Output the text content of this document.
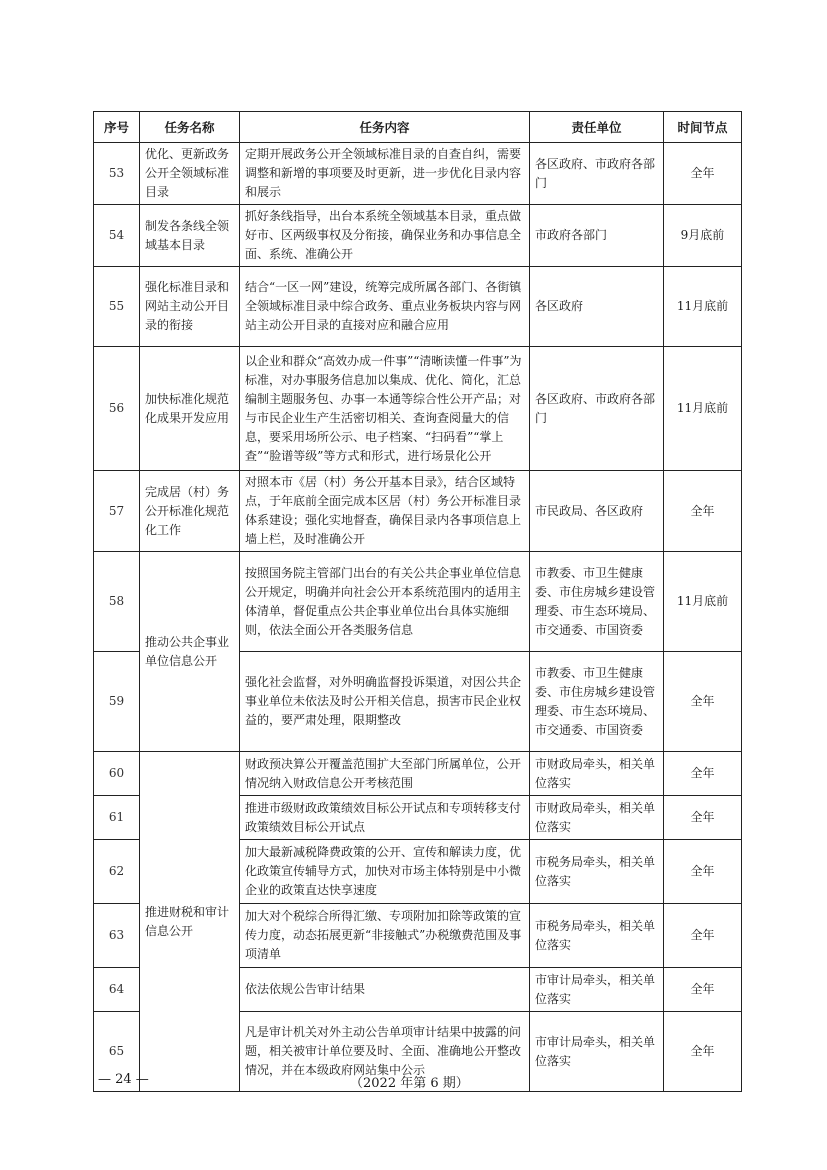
序号	任务名称	任务内容	责任单位	时间节点
53	优化、更新政务公开全领域标准目录	定期开展政务公开全领域标准目录的自查自纠，需要调整和新增的事项要及时更新，进一步优化目录内容和展示	各区政府、市政府各部门	全年
54	制发各条线全领域基本目录	抓好条线指导，出台本系统全领域基本目录，重点做好市、区两级事权及分衔接，确保业务和办事信息全面、系统、准确公开	市政府各部门	9月底前
55	强化标准目录和网站主动公开目录的衔接	结合“一区一网”建设，统筹完成所属各部门、各街镇全领域标准目录中综合政务、重点业务板块内容与网站主动公开目录的直接对应和融合应用	各区政府	11月底前
56	加快标准化规范化成果开发应用	以企业和群众“高效办成一件事”“清晰读懂一件事”为标准，对办事服务信息加以集成、优化、简化，汇总编制主题服务包、办事一本通等综合性公开产品；对与市民企业生产生活密切相关、查询查阅量大的信息，要采用场所公示、电子档案、“扫码看”“掌上查”“脸谱等级”等方式和形式，进行场景化公开	各区政府、市政府各部门	11月底前
57	完成居（村）务公开标准化规范化工作	对照本市《居（村）务公开基本目录》，结合区域特点，于年底前全面完成本区居（村）务公开标准目录体系建设；强化实地督查，确保目录内各事项信息上墙上栏，及时准确公开	市民政局、各区政府	全年
58	推动公共企事业单位信息公开	按照国务院主管部门出台的有关公共企事业单位信息公开规定，明确并向社会公开本系统范围内的适用主体清单，督促重点公共企事业单位出台具体实施细则，依法全面公开各类服务信息	市教委、市卫生健康委、市住房城乡建设管理委、市生态环境局、市交通委、市国资委	11月底前
59		强化社会监督，对外明确监督投诉渠道，对因公共企事业单位未依法及时公开相关信息，损害市民企业权益的，要严肃处理，限期整改	市教委、市卫生健康委、市住房城乡建设管理委、市生态环境局、市交通委、市国资委	全年
60	推进财税和审计信息公开	财政预决算公开覆盖范围扩大至部门所属单位，公开情况纳入财政信息公开考核范围	市财政局牵头，相关单位落实	全年
61		推进市级财政政策绩效目标公开试点和专项转移支付政策绩效目标公开试点	市财政局牵头，相关单位落实	全年
62		加大最新减税降费政策的公开、宣传和解读力度，优化政策宣传辅导方式，加快对市场主体特别是中小微企业的政策直达快享速度	市税务局牵头，相关单位落实	全年
63		加大对个税综合所得汇缴、专项附加扣除等政策的宣传力度，动态拓展更新“非接触式”办税缴费范围及事项清单	市税务局牵头，相关单位落实	全年
64		依法依规公告审计结果	市审计局牵头，相关单位落实	全年
65		凡是审计机关对外主动公告单项审计结果中披露的问题，相关被审计单位要及时、全面、准确地公开整改情况，并在本级政府网站集中公示	市审计局牵头，相关单位落实	全年
— 24 —	（2022 年第 6 期）
